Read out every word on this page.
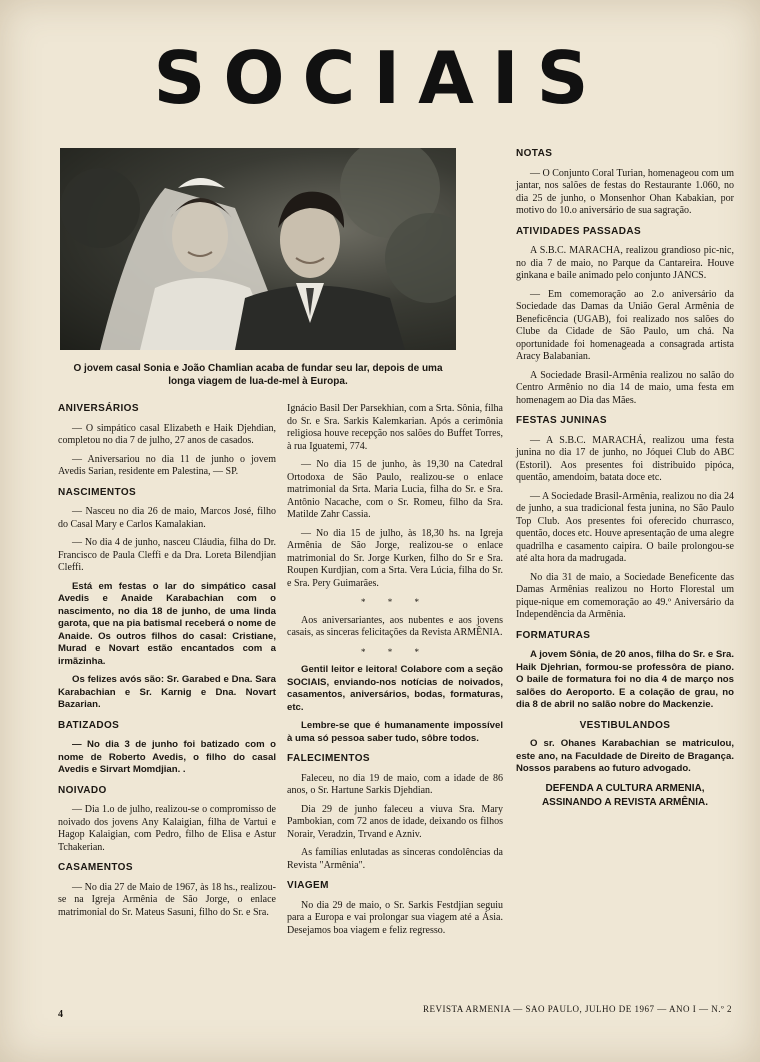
SOCIAIS
O jovem casal Sonia e João Chamlian acaba de fundar seu lar, depois de uma longa viagem de lua-de-mel à Europa.
ANIVERSÁRIOS

— O simpático casal Elizabeth e Haik Djehdian, completou no dia 7 de julho, 27 anos de casados.

— Aniversariou no dia 11 de junho o jovem Avedis Sarian, residente em Palestina, — SP.

NASCIMENTOS

— Nasceu no dia 26 de maio, Marcos José, filho do Casal Mary e Carlos Kamalakian.

— No dia 4 de junho, nasceu Cláudia, filha do Dr. Francisco de Paula Cleffi e da Dra. Loreta Bilendjian Cleffi.

Está em festas o lar do simpático casal Avedis e Anaide Karabachian com o nascimento, no dia 18 de junho, de uma linda garota, que na pia batismal receberá o nome de Anaide. Os outros filhos do casal: Cristiane, Murad e Novart estão encantados com a irmãzinha.

Os felizes avós são: Sr. Garabed e Dna. Sara Karabachian e Sr. Karnig e Dna. Novart Bazarian.

BATIZADOS

— No dia 3 de junho foi batizado com o nome de Roberto Avedis, o filho do casal Avedis e Sirvart Momdjian. .

NOIVADO

— Dia 1.o de julho, realizou-se o compromisso de noivado dos jovens Any Kalaigian, filha de Vartui e Hagop Kalaigian, com Pedro, filho de Elisa e Astur Tchakerian.

CASAMENTOS

— No dia 27 de Maio de 1967, às 18 hs., realizou-se na Igreja Armênia de São Jorge, o enlace matrimonial do Sr. Mateus Sasuni, filho do Sr. e Sra.

Ignácio Basil Der Parsekhian, com a Srta. Sônia, filha do Sr. e Sra. Sarkis Kalemkarian. Após a cerimônia religiosa houve recepção nos salões do Buffet Torres, à rua Iguatemi, 774.

— No dia 15 de junho, às 19,30 na Catedral Ortodoxa de São Paulo, realizou-se o enlace matrimonial da Srta. Maria Lucia, filha do Sr. e Sra. Antônio Nacache, com o Sr. Romeu, filho da Sra. Matilde Zahr Cassia.

— No dia 15 de julho, às 18,30 hs. na Igreja Armênia de São Jorge, realizou-se o enlace matrimonial do Sr. Jorge Kurken, filho do Sr e Sra. Roupen Kurdjian, com a Srta. Vera Lúcia, filha do Sr. e Sra. Pery Guimarães.

* * *

Aos aniversariantes, aos nubentes e aos jovens casais, as sinceras felicitações da Revista ARMÊNIA.

* * *

Gentil leitor e leitora! Colabore com a seção SOCIAIS, enviando-nos notícias de noivados, casamentos, aniversários, bodas, formaturas, etc.

Lembre-se que é humanamente impossível à uma só pessoa saber tudo, sôbre todos.

FALECIMENTOS

Faleceu, no dia 19 de maio, com a idade de 86 anos, o Sr. Hartune Sarkis Djehdian.

Dia 29 de junho faleceu a viuva Sra. Mary Pambokian, com 72 anos de idade, deixando os filhos Norair, Veradzin, Trvand e Azniv.

As famílias enlutadas as sinceras condolências da Revista "Armênia".

VIAGEM

No dia 29 de maio, o Sr. Sarkis Festdjian seguiu para a Europa e vai prolongar sua viagem até a Ásia. Desejamos boa viagem e feliz regresso.

NOTAS

— O Conjunto Coral Turian, homenageou com um jantar, nos salões de festas do Restaurante 1.060, no dia 25 de junho, o Monsenhor Ohan Kabakian, por motivo do 10.o aniversário de sua sagração.

ATIVIDADES PASSADAS

A S.B.C. MARACHA, realizou grandioso pic-nic, no dia 7 de maio, no Parque da Cantareira. Houve ginkana e baile animado pelo conjunto JANCS.

— Em comemoração ao 2.o aniversário da Sociedade das Damas da União Geral Armênia de Beneficência (UGAB), foi realizado nos salões do Clube da Cidade de São Paulo, um chá. Na oportunidade foi homenageada a consagrada artista Aracy Balabanian.

A Sociedade Brasil-Armênia realizou no salão do Centro Armênio no dia 14 de maio, uma festa em homenagem ao Dia das Mães.

FESTAS JUNINAS

— A S.B.C. MARACHÁ, realizou uma festa junina no dia 17 de junho, no Jóquei Club do ABC (Estoril). Aos presentes foi distribuido pipóca, quentão, amendoim, batata doce etc.

— A Sociedade Brasil-Armênia, realizou no dia 24 de junho, a sua tradicional festa junina, no São Paulo Top Club. Aos presentes foi oferecido churrasco, quentão, doces etc. Houve apresentação de uma alegre quadrilha e casamento caipira. O baile prolongou-se até alta hora da madrugada.

No dia 31 de maio, a Sociedade Beneficente das Damas Armênias realizou no Horto Florestal um pique-nique em comemoração ao 49.º Aniversário da Independência da Armênia.

FORMATURAS

A jovem Sônia, de 20 anos, filha do Sr. e Sra. Haik Djehrian, formou-se professôra de piano. O baile de formatura foi no dia 4 de março nos salões do Aeroporto. E a colação de grau, no dia 8 de abril no salão nobre do Mackenzie.

VESTIBULANDOS

O sr. Ohanes Karabachian se matriculou, este ano, na Faculdade de Direito de Bragança. Nossos parabens ao futuro advogado.

DEFENDA A CULTURA ARMENIA,
ASSINANDO A REVISTA ARMÊNIA.
4	REVISTA ARMENIA — SAO PAULO, JULHO DE 1967 — ANO I — N.º 2
